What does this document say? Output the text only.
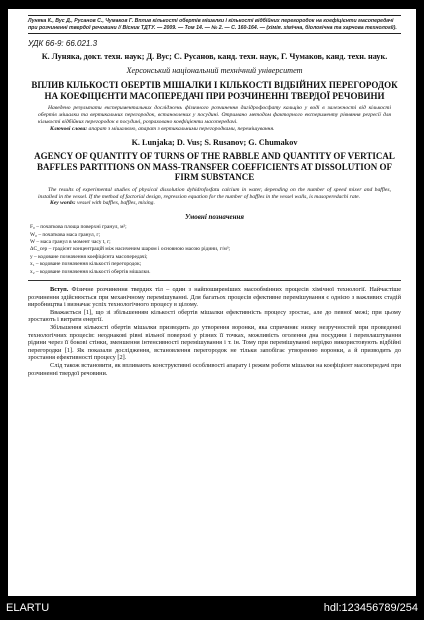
Луняка К., Вус Д., Русанов С., Чумаков Г. Вплив кількості обертів мішалки і кількості відбійних перегородок на коефіцієнти масопередачі при розчиненні твердої речовини // Вісник ТДТУ. — 2009. — Том 14. — № 2. — С. 160-164. — (хімія. хімічна, біологічна та харчова технології).
УДК 66-9: 66.021.3
К. Луняка, докт. техн. наук; Д. Вус; С. Русанов, канд. техн. наук, Г. Чумаков, канд. техн. наук.
Херсонський національний технічний університет
ВПЛИВ КІЛЬКОСТІ ОБЕРТІВ МІШАЛКИ І КІЛЬКОСТІ ВІДБІЙНИХ ПЕРЕГОРОДОК НА КОЕФІЦІЄНТИ МАСОПЕРЕДАЧІ ПРИ РОЗЧИНЕННІ ТВЕРДОЇ РЕЧОВИНИ
Наведено результати експериментальних досліджень фізичного розчинення дигідрофосфату кальцію у воді в залежності від кількості обертів мішалки та вертикальних перегородок, встановлених у посудині. Отримано методом факторного експерименту рівняння регресії для кількості відбійних перегородок в посудині, розраховано коефіцієнти масопередачі.
Ключові слова: апарат з мішалкою, апарат з вертикальними перегородками, перемішування.
K. Lunjaka; D. Vus; S. Rusanov; G. Chumakov
AGENCY OF QUANTITY OF TURNS OF THE RABBLE AND QUANTITY OF VERTICAL BAFFLES PARTITIONS ON MASS-TRANSFER COEFFICIENTS AT DISSOLUTION OF FIRM SUBSTANCE
The results of experimental studies of physical dissolution dyhidrofosfatu calcium in water, depending on the number of speed mixer and baffles, installed in the vessel. If the method of factorial design, regression equation for the number of baffles in the vessel walls, is masoperedachi rate.
Key words: vessel with baffles, baffles, mixing.
Умовні позначення
F₀ – початкова площа поверхні гранул, м²;
W₀ – початкова маса гранул, г;
W – маса гранул в момент часу t, г;
ΔC_cep – градієнт концентрацій між насиченим шаром і основною масою рідини, г/м³;
y – кодоване позначення коефіцієнта масопередачі;
x₁ – кодоване позначення кількості перегородок;
x₂ – кодоване позначення кількості обертів мішалки.

Вступ. Фізичне розчинення твердих тіл – один з найпоширеніших масообмінних процесів хімічної технології. Найчастіше розчинення здійснюється при механічному перемішуванні. Для багатьох процесів ефективне перемішування є однією з важливих стадій виробництва і визначає успіх технологічного процесу в цілому.

Вважається [1], що зі збільшенням кількості обертів мішалки ефективність процесу зростає, але до певної межі; при цьому зростають і витрати енергії.

Збільшення кількості обертів мішалки призводить до утворення воронки, яка спричиняє низку незручностей при проведенні технологічних процесів: неоднакові рівні вільної поверхні у різних її точках, можливість оголення дна посудини і перевлаштування рідини через її бокові стінки, зменшення інтенсивності перемішування і т. ін. Тому при перемішуванні нерідко використовують відбійні перегородки [1]. Як показали дослідження, встановлення перегородок не тільки запобігає утворенню воронки, а й призводить до зростання ефективності процесу [2].

Слід також встановити, як впливають конструктивні особливості апарату і режим роботи мішалки на коефіцієнт масопередачі при розчиненні твердої речовини.

ELARTU	hdl:123456789/254
